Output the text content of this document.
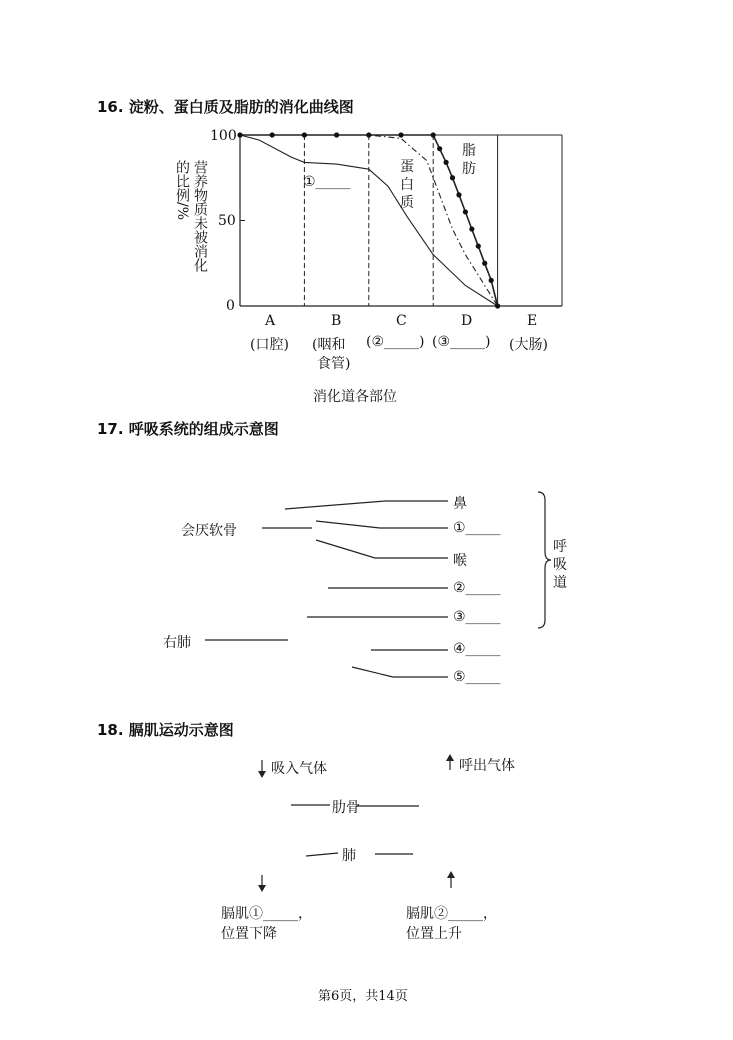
16. 淀粉、蛋白质及脂肪的消化曲线图
营养物质未被消化
的比例/%	①_____
蛋
白
质
脂
肪
100
50
0
A	B	C	D	E
(口腔) (咽和
食管)
(②_____) (③_____) (大肠)
消化道各部位
17. 呼吸系统的组成示意图
会厌软骨
右肺
鼻
①_____
喉
②_____
③_____
④_____
⑤_____
呼
吸
道
18. 膈肌运动示意图
吸入气体	呼出气体
肋骨
肺
膈肌①_____，
位置下降
膈肌②_____，
位置上升
第6页，共14页
